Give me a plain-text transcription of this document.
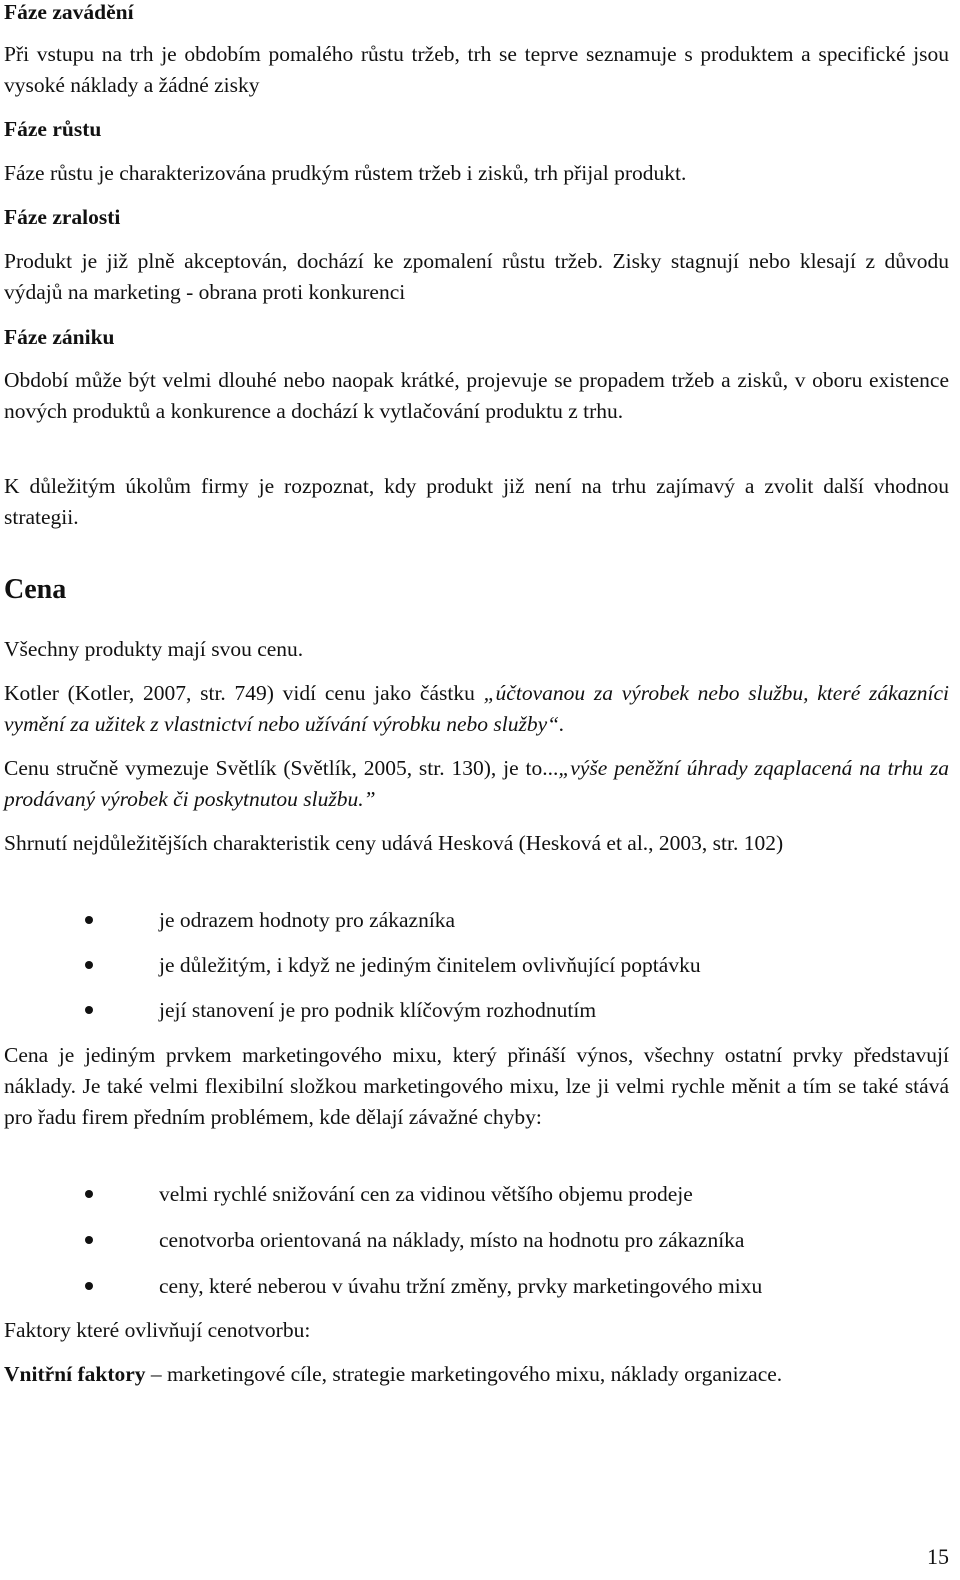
Fáze zavádění

Při vstupu na trh je obdobím pomalého růstu tržeb, trh se teprve seznamuje s produktem a specifické jsou vysoké náklady a žádné zisky

Fáze růstu

Fáze růstu je charakterizována prudkým růstem tržeb i zisků, trh přijal produkt.

Fáze zralosti

Produkt je již plně akceptován, dochází ke zpomalení růstu tržeb. Zisky stagnují nebo klesají z důvodu výdajů na marketing - obrana proti konkurenci

Fáze zániku

Období může být velmi dlouhé nebo naopak krátké, projevuje se propadem tržeb a zisků, v oboru existence nových produktů a konkurence a dochází k vytlačování produktu z trhu.

K důležitým úkolům firmy je rozpoznat, kdy produkt již není na trhu zajímavý a zvolit další vhodnou strategii.

Cena

Všechny produkty mají svou cenu.

Kotler (Kotler, 2007, str. 749) vidí cenu jako částku „účtovanou za výrobek nebo službu, které zákazníci vymění za užitek z vlastnictví nebo užívání výrobku nebo služby“.

Cenu stručně vymezuje Světlík (Světlík, 2005, str. 130), je to...„výše peněžní úhrady zqaplacená na trhu za prodávaný výrobek či poskytnutou službu.”

Shrnutí nejdůležitějších charakteristik ceny udává Hesková (Hesková et al., 2003, str. 102)

je odrazem hodnoty pro zákazníka
je důležitým, i když ne jediným činitelem ovlivňující poptávku
její stanovení je pro podnik klíčovým rozhodnutím

Cena je jediným prvkem marketingového mixu, který přináší výnos, všechny ostatní prvky představují náklady. Je také velmi flexibilní složkou marketingového mixu, lze ji velmi rychle měnit a tím se také stává pro řadu firem předním problémem, kde dělají závažné chyby:

velmi rychlé snižování cen za vidinou většího objemu prodeje
cenotvorba orientovaná na náklady, místo na hodnotu pro zákazníka
ceny, které neberou v úvahu tržní změny, prvky marketingového mixu

Faktory které ovlivňují cenotvorbu:

Vnitřní faktory – marketingové cíle, strategie marketingového mixu, náklady organizace.

15
